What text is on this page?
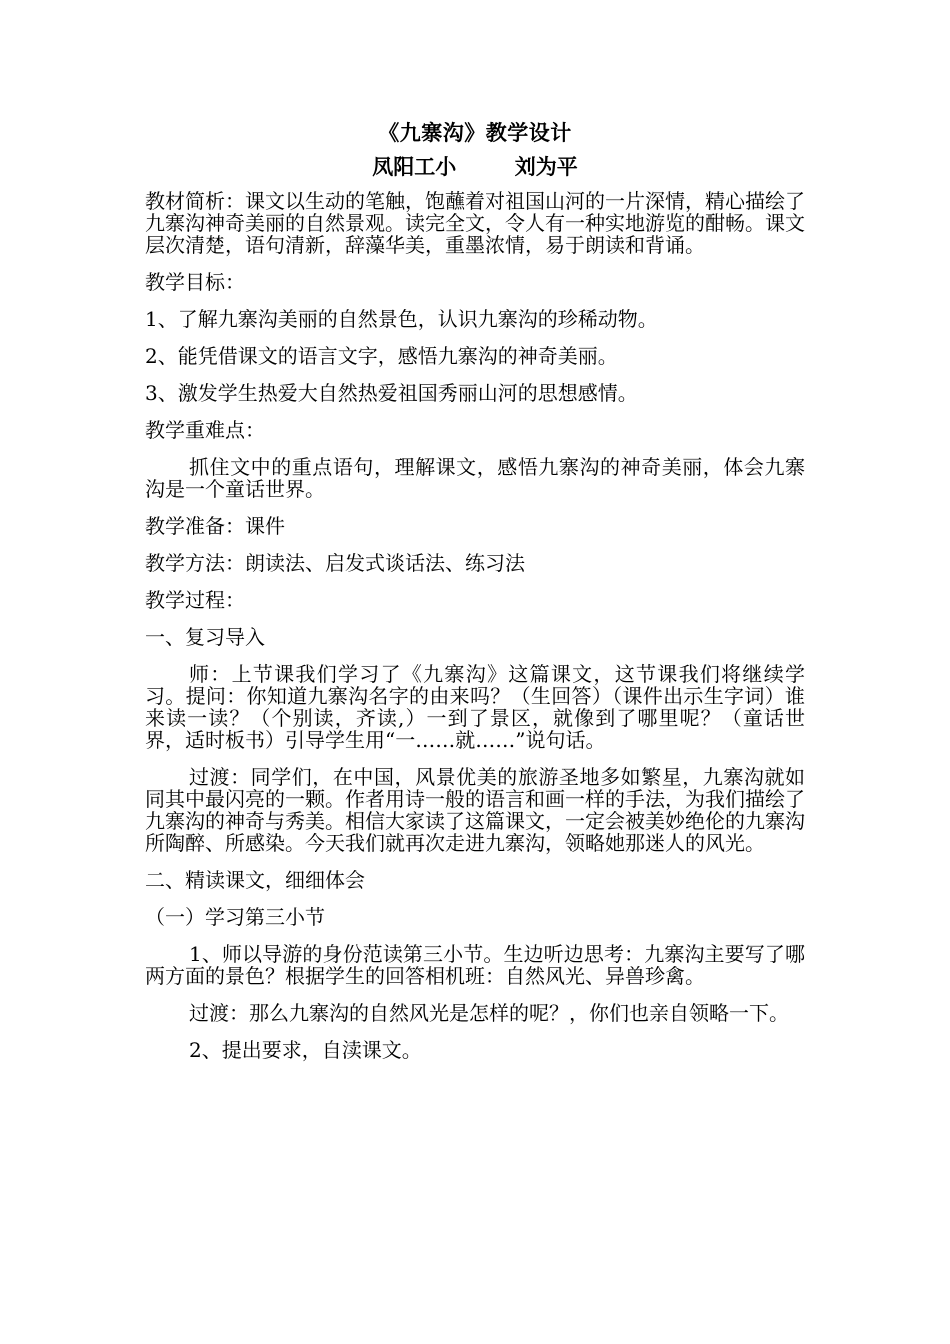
《九寨沟》教学设计
凤阳工小        刘为平

教材简析：课文以生动的笔触，饱蘸着对祖国山河的一片深情，精心描绘了九寨沟神奇美丽的自然景观。读完全文，令人有一种实地游览的酣畅。课文层次清楚，语句清新，辞藻华美，重墨浓情，易于朗读和背诵。

教学目标：

1、了解九寨沟美丽的自然景色，认识九寨沟的珍稀动物。

2、能凭借课文的语言文字，感悟九寨沟的神奇美丽。

3、激发学生热爱大自然热爱祖国秀丽山河的思想感情。

教学重难点：

抓住文中的重点语句，理解课文，感悟九寨沟的神奇美丽，体会九寨沟是一个童话世界。

教学准备：课件

教学方法：朗读法、启发式谈话法、练习法

教学过程：

一、复习导入

师：上节课我们学习了《九寨沟》这篇课文，这节课我们将继续学习。提问：你知道九寨沟名字的由来吗？（生回答）（课件出示生字词）谁来读一读？（个别读，齐读,）一到了景区，就像到了哪里呢？（童话世界，适时板书）引导学生用“一……就……”说句话。

过渡：同学们，在中国，风景优美的旅游圣地多如繁星，九寨沟就如同其中最闪亮的一颗。作者用诗一般的语言和画一样的手法，为我们描绘了九寨沟的神奇与秀美。相信大家读了这篇课文，一定会被美妙绝伦的九寨沟所陶醉、所感染。今天我们就再次走进九寨沟，领略她那迷人的风光。

二、精读课文，细细体会

（一）学习第三小节

1、师以导游的身份范读第三小节。生边听边思考：九寨沟主要写了哪两方面的景色？根据学生的回答相机班：自然风光、异兽珍禽。

过渡：那么九寨沟的自然风光是怎样的呢？，你们也亲自领略一下。

2、提出要求，自渎课文。
